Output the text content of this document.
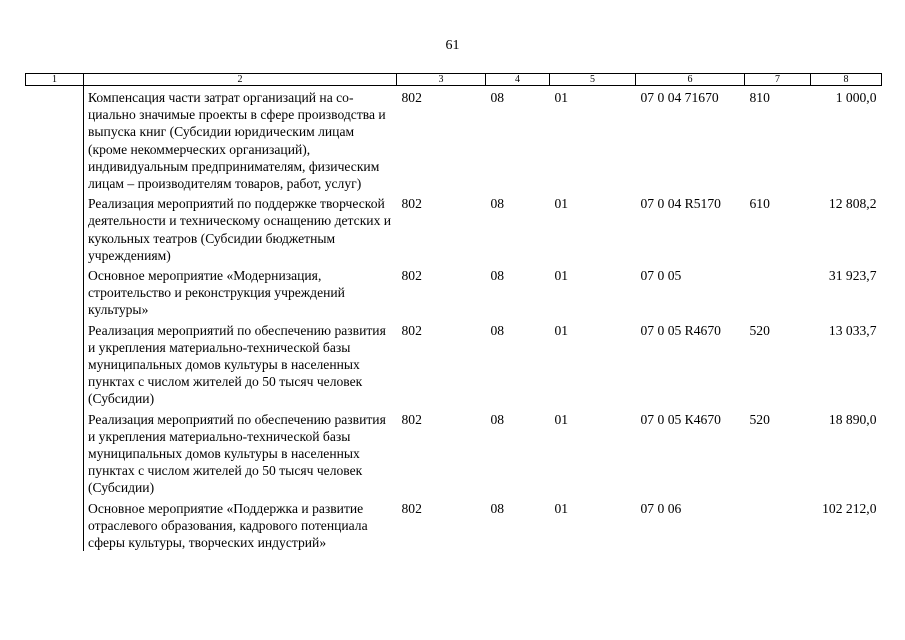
61
1	2	3	4	5	6	7	8
	Компенсация части затрат организаций на социально значимые проекты в сфере производства и выпуска книг (Субсидии юридическим лицам (кроме некоммерческих организаций), индивидуальным предпринимателям, физическим лицам – производителям товаров, работ, услуг)	802	08	01	07 0 04 71670	810	1 000,0
	Реализация мероприятий по поддержке творческой деятельности и техническому оснащению детских и кукольных театров (Субсидии бюджетным учреждениям)	802	08	01	07 0 04 R5170	610	12 808,2
	Основное мероприятие «Модернизация, строительство и реконструкция учреждений культуры»	802	08	01	07 0 05		31 923,7
	Реализация мероприятий по обеспечению развития и укрепления материально-технической базы муниципальных домов культуры в населенных пунктах с числом жителей до 50 тысяч человек (Субсидии)	802	08	01	07 0 05 R4670	520	13 033,7
	Реализация мероприятий по обеспечению развития и укрепления материально-технической базы муниципальных домов культуры в населенных пунктах с числом жителей до 50 тысяч человек (Субсидии)	802	08	01	07 0 05 К4670	520	18 890,0
	Основное мероприятие «Поддержка и развитие отраслевого образования, кадрового потенциала сферы культуры, творческих индустрий»	802	08	01	07 0 06		102 212,0
